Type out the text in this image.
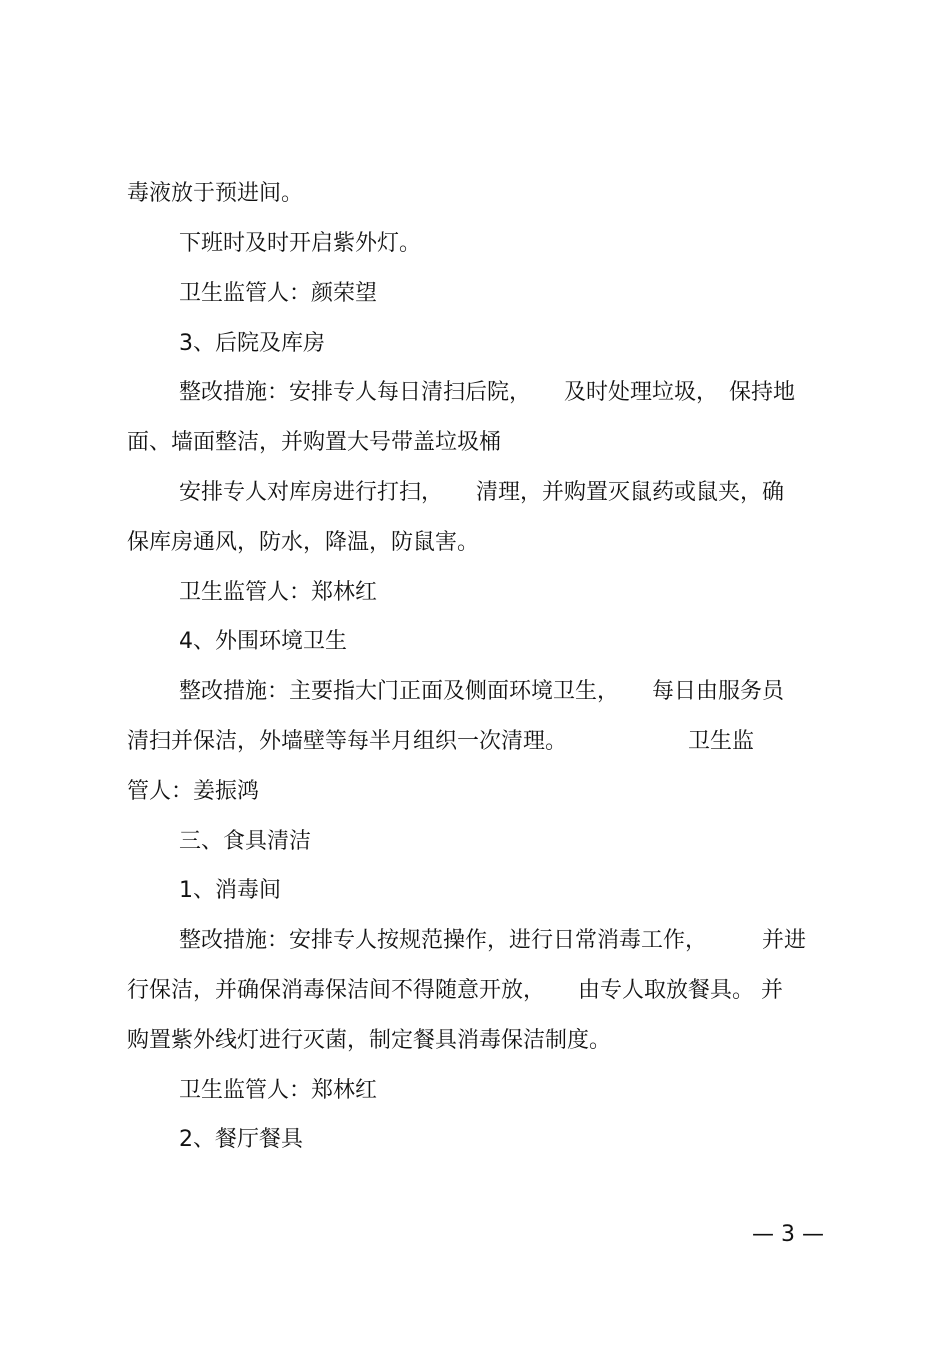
毒液放于预进间。
下班时及时开启紫外灯。
卫生监管人：颜荣望
3、后院及库房
整改措施：安排专人每日清扫后院，　　及时处理垃圾，　保持地
面、墙面整洁，并购置大号带盖垃圾桶
安排专人对库房进行打扫，　　清理，并购置灭鼠药或鼠夹，确
保库房通风，防水，降温，防鼠害。
卫生监管人：郑林红
4、外围环境卫生
整改措施：主要指大门正面及侧面环境卫生，　　每日由服务员
清扫并保洁，外墙壁等每半月组织一次清理。　　　　　　卫生监
管人：姜振鸿
三、食具清洁
1、消毒间
整改措施：安排专人按规范操作，进行日常消毒工作，　　　并进
行保洁，并确保消毒保洁间不得随意开放，　　由专人取放餐具。 并
购置紫外线灯进行灭菌，制定餐具消毒保洁制度。
卫生监管人：郑林红
2、餐厅餐具
— 3 —
